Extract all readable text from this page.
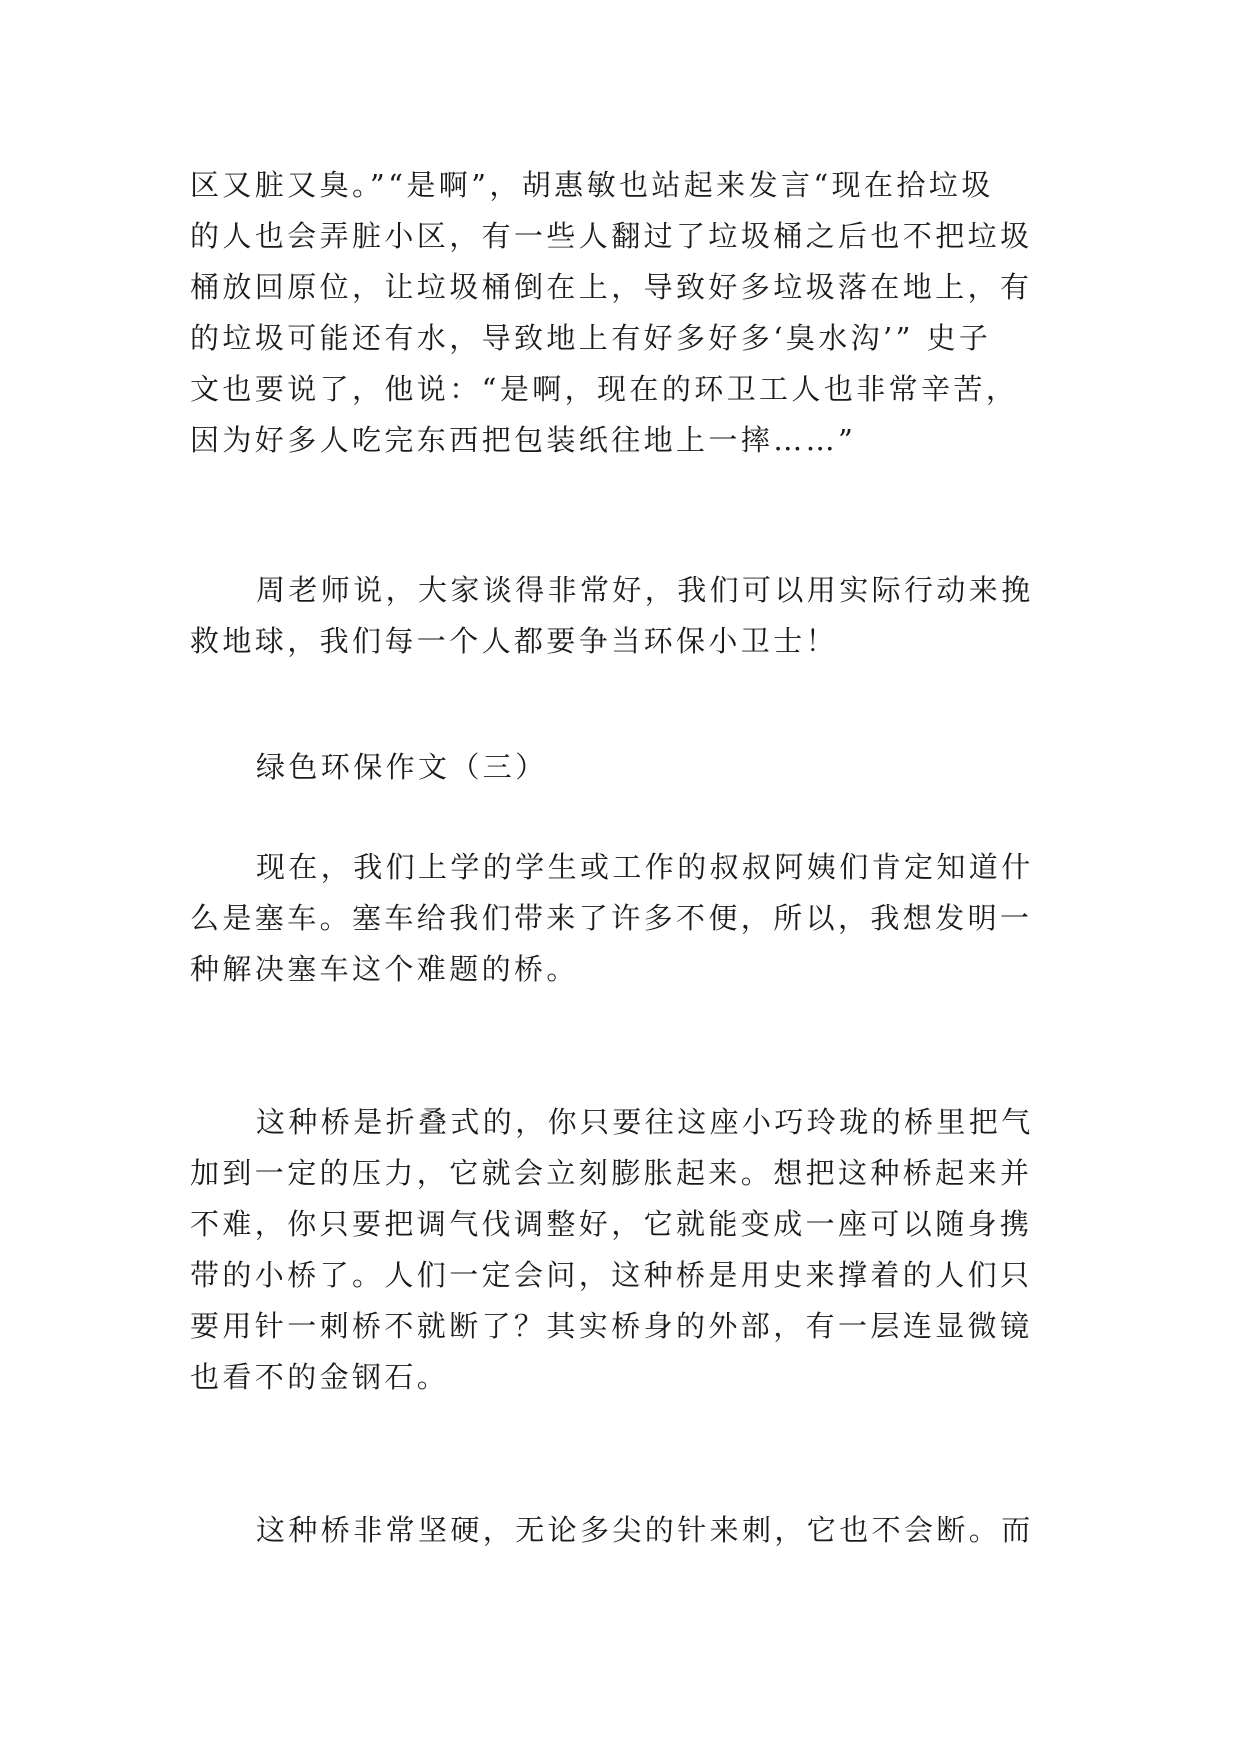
区又脏又臭。”“是啊”，胡惠敏也站起来发言“现在拾垃圾
的人也会弄脏小区，有一些人翻过了垃圾桶之后也不把垃圾
桶放回原位，让垃圾桶倒在上，导致好多垃圾落在地上，有
的垃圾可能还有水，导致地上有好多好多‘臭水沟’” 史子
文也要说了，他说：“是啊，现在的环卫工人也非常辛苦，
因为好多人吃完东西把包装纸往地上一摔……”
周老师说，大家谈得非常好，我们可以用实际行动来挽
救地球，我们每一个人都要争当环保小卫士！
绿色环保作文（三）
现在，我们上学的学生或工作的叔叔阿姨们肯定知道什
么是塞车。塞车给我们带来了许多不便，所以，我想发明一
种解决塞车这个难题的桥。
这种桥是折叠式的，你只要往这座小巧玲珑的桥里把气
加到一定的压力，它就会立刻膨胀起来。想把这种桥起来并
不难，你只要把调气伐调整好，它就能变成一座可以随身携
带的小桥了。人们一定会问，这种桥是用史来撑着的人们只
要用针一刺桥不就断了？其实桥身的外部，有一层连显微镜
也看不的金钢石。
这种桥非常坚硬，无论多尖的针来刺，它也不会断。而
